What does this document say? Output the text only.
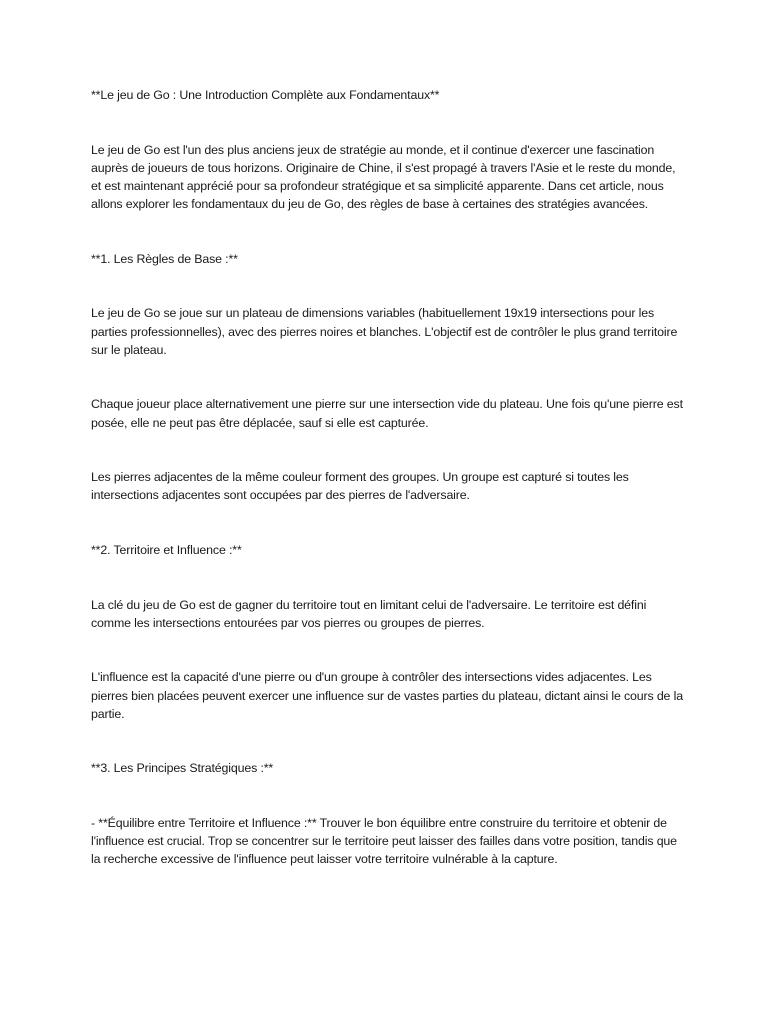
**Le jeu de Go : Une Introduction Complète aux Fondamentaux**

Le jeu de Go est l'un des plus anciens jeux de stratégie au monde, et il continue d'exercer une fascination auprès de joueurs de tous horizons. Originaire de Chine, il s'est propagé à travers l'Asie et le reste du monde, et est maintenant apprécié pour sa profondeur stratégique et sa simplicité apparente. Dans cet article, nous allons explorer les fondamentaux du jeu de Go, des règles de base à certaines des stratégies avancées.

**1. Les Règles de Base :**

Le jeu de Go se joue sur un plateau de dimensions variables (habituellement 19x19 intersections pour les parties professionnelles), avec des pierres noires et blanches. L'objectif est de contrôler le plus grand territoire sur le plateau.

Chaque joueur place alternativement une pierre sur une intersection vide du plateau. Une fois qu'une pierre est posée, elle ne peut pas être déplacée, sauf si elle est capturée.

Les pierres adjacentes de la même couleur forment des groupes. Un groupe est capturé si toutes les intersections adjacentes sont occupées par des pierres de l'adversaire.

**2. Territoire et Influence :**

La clé du jeu de Go est de gagner du territoire tout en limitant celui de l'adversaire. Le territoire est défini comme les intersections entourées par vos pierres ou groupes de pierres.

L'influence est la capacité d'une pierre ou d'un groupe à contrôler des intersections vides adjacentes. Les pierres bien placées peuvent exercer une influence sur de vastes parties du plateau, dictant ainsi le cours de la partie.

**3. Les Principes Stratégiques :**

- **Équilibre entre Territoire et Influence :** Trouver le bon équilibre entre construire du territoire et obtenir de l'influence est crucial. Trop se concentrer sur le territoire peut laisser des failles dans votre position, tandis que la recherche excessive de l'influence peut laisser votre territoire vulnérable à la capture.
